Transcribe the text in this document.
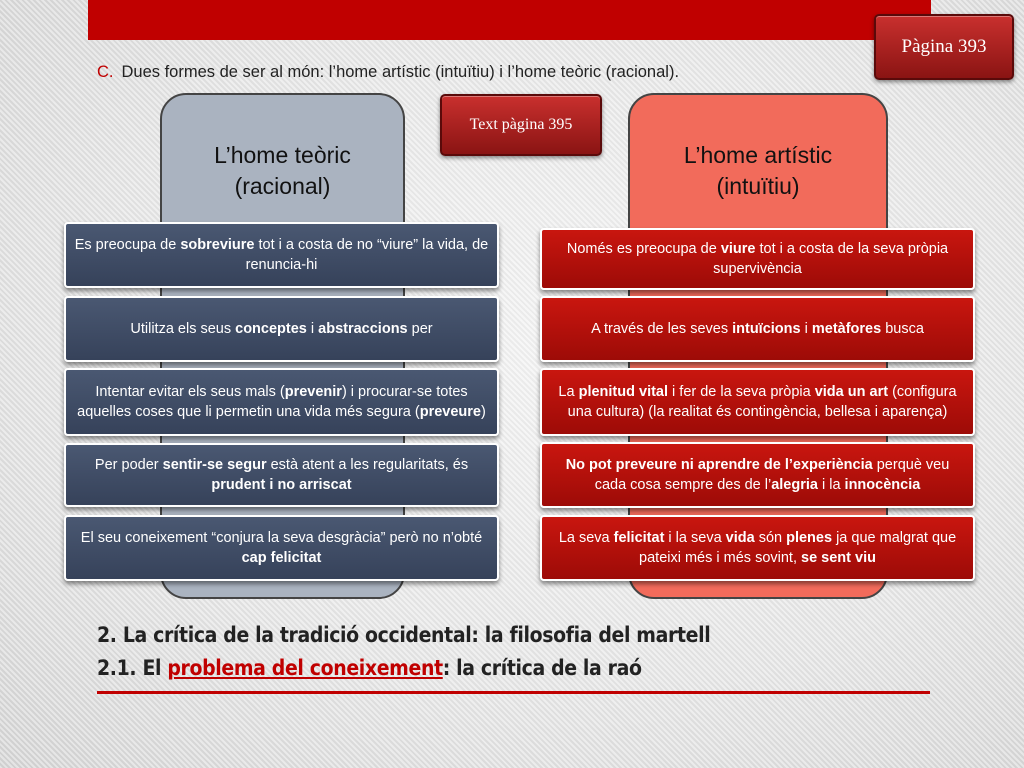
Pàgina 393
C. Dues formes de ser al món: l’home artístic (intuïtiu) i l’home teòric (racional).
Text pàgina 395
L’home teòric
(racional)
L’home artístic
(intuïtiu)
Es preocupa de sobreviure tot i a costa de no “viure” la vida, de renuncia-hi
Utilitza els seus conceptes i abstraccions per
Intentar evitar els seus mals (prevenir) i procurar-se totes aquelles coses que li permetin una vida més segura (preveure)
Per poder sentir-se segur està atent a les regularitats, és prudent i no arriscat
El seu coneixement “conjura la seva desgràcia” però no n’obté cap felicitat
Només es preocupa de viure tot i a costa de la seva pròpia supervivència
A través de les seves intuïcions i metàfores busca
La plenitud vital i fer de la seva pròpia vida un art (configura una cultura) (la realitat és contingència, bellesa i aparença)
No pot preveure ni aprendre de l’experiència perquè veu cada cosa sempre des de l’alegria i la innocència
La seva felicitat i la seva vida són plenes ja que malgrat que pateixi més i més sovint, se sent viu
2. La crítica de la tradició occidental: la filosofia del martell
2.1. El problema del coneixement: la crítica de la raó
